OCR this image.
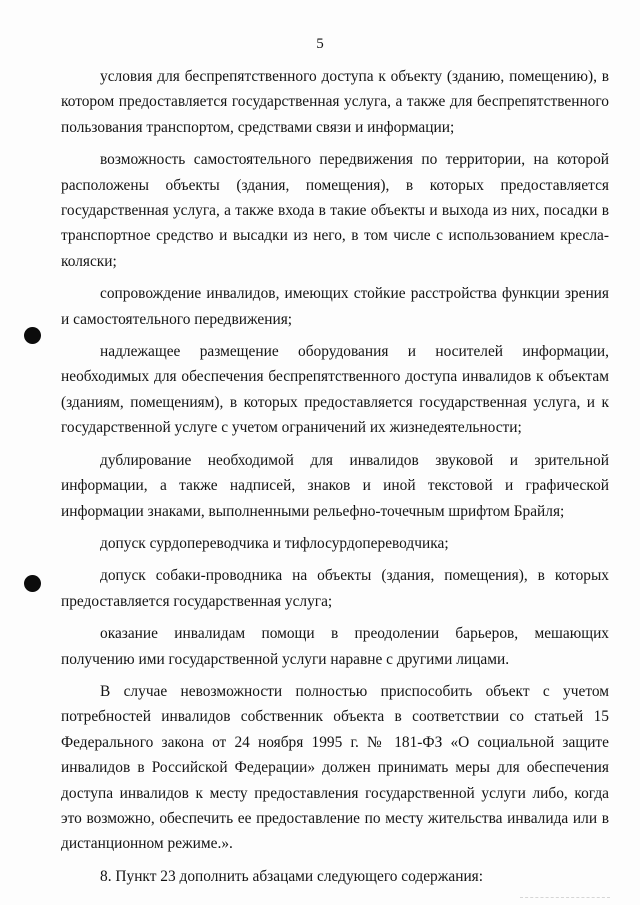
5

условия для беспрепятственного доступа к объекту (зданию, помещению), в котором предоставляется государственная услуга, а также для беспрепятственного пользования транспортом, средствами связи и информации;

возможность самостоятельного передвижения по территории, на которой расположены объекты (здания, помещения), в которых предоставляется государственная услуга, а также входа в такие объекты и выхода из них, посадки в транспортное средство и высадки из него, в том числе с использованием кресла-коляски;

сопровождение инвалидов, имеющих стойкие расстройства функции зрения и самостоятельного передвижения;

надлежащее размещение оборудования и носителей информации, необходимых для обеспечения беспрепятственного доступа инвалидов к объектам (зданиям, помещениям), в которых предоставляется государственная услуга, и к государственной услуге с учетом ограничений их жизнедеятельности;

дублирование необходимой для инвалидов звуковой и зрительной информации, а также надписей, знаков и иной текстовой и графической информации знаками, выполненными рельефно-точечным шрифтом Брайля;

допуск сурдопереводчика и тифлосурдопереводчика;

допуск собаки-проводника на объекты (здания, помещения), в которых предоставляется государственная услуга;

оказание инвалидам помощи в преодолении барьеров, мешающих получению ими государственной услуги наравне с другими лицами.

В случае невозможности полностью приспособить объект с учетом потребностей инвалидов собственник объекта в соответствии со статьей 15 Федерального закона от 24 ноября 1995 г. № 181-ФЗ «О социальной защите инвалидов в Российской Федерации» должен принимать меры для обеспечения доступа инвалидов к месту предоставления государственной услуги либо, когда это возможно, обеспечить ее предоставление по месту жительства инвалида или в дистанционном режиме.».

8. Пункт 23 дополнить абзацами следующего содержания:
